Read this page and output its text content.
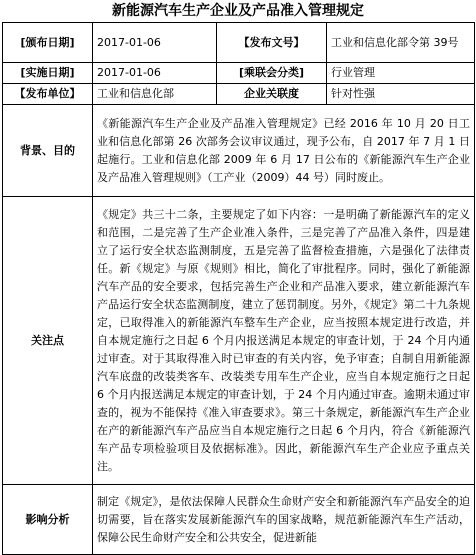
新能源汽车生产企业及产品准入管理规定
[颁布日期]	2017-01-06	【发布文号】	工业和信息化部令第 39号
[实施日期]	2017-01-06	[乘联会分类]	行业管理
【发布单位】	工业和信息化部	企业关联度	针对性强
背景、目的	《新能源汽车生产企业及产品准入管理规定》已经 2016 年 10 月 20 日工业和信息化部第 26 次部务会议审议通过，现予公布，自 2017 年 7 月 1 日起施行。工业和信息化部 2009 年 6 月 17 日公布的《新能源汽车生产企业及产品准入管理规则》（工产业（2009）44 号）同时废止。		
关注点	《规定》共三十二条，主要规定了如下内容：一是明确了新能源汽车的定义和范围，二是完善了生产企业准入条件，三是完善了产品准入条件，四是建立了运行安全状态监测制度，五是完善了监督检查措施，六是强化了法律责任。新《规定》与原《规则》相比，简化了审批程序。同时，强化了新能源汽车产品的安全要求，包括完善生产企业和产品准入要求，建立新能源汽车产品运行安全状态监测制度，建立了惩罚制度。另外，《规定》第二十九条规定，已取得准入的新能源汽车整车生产企业，应当按照本规定进行改造，并自本规定施行之日起 6 个月内报送满足本规定的审查计划，于 24 个月内通过审查。对于其取得准入时已审查的有关内容，免予审查；自制自用新能源汽车底盘的改装类客车、改装类专用车生产企业，应当自本规定施行之日起 6 个月内报送满足本规定的审查计划，于 24 个月内通过审查。逾期未通过审查的，视为不能保持《准入审查要求》。第三十条规定，新能源汽车生产企业在产的新能源汽车产品应当自本规定施行之日起 6 个月内，符合《新能源汽车产品专项检验项目及依据标准》。因此，新能源汽车生产企业应予重点关注。		
影响分析	制定《规定》，是依法保障人民群众生命财产安全和新能源汽车产品安全的迫切需要，旨在落实发展新能源汽车的国家战略，规范新能源汽车生产活动，保障公民生命财产安全和公共安全，促进新能		
